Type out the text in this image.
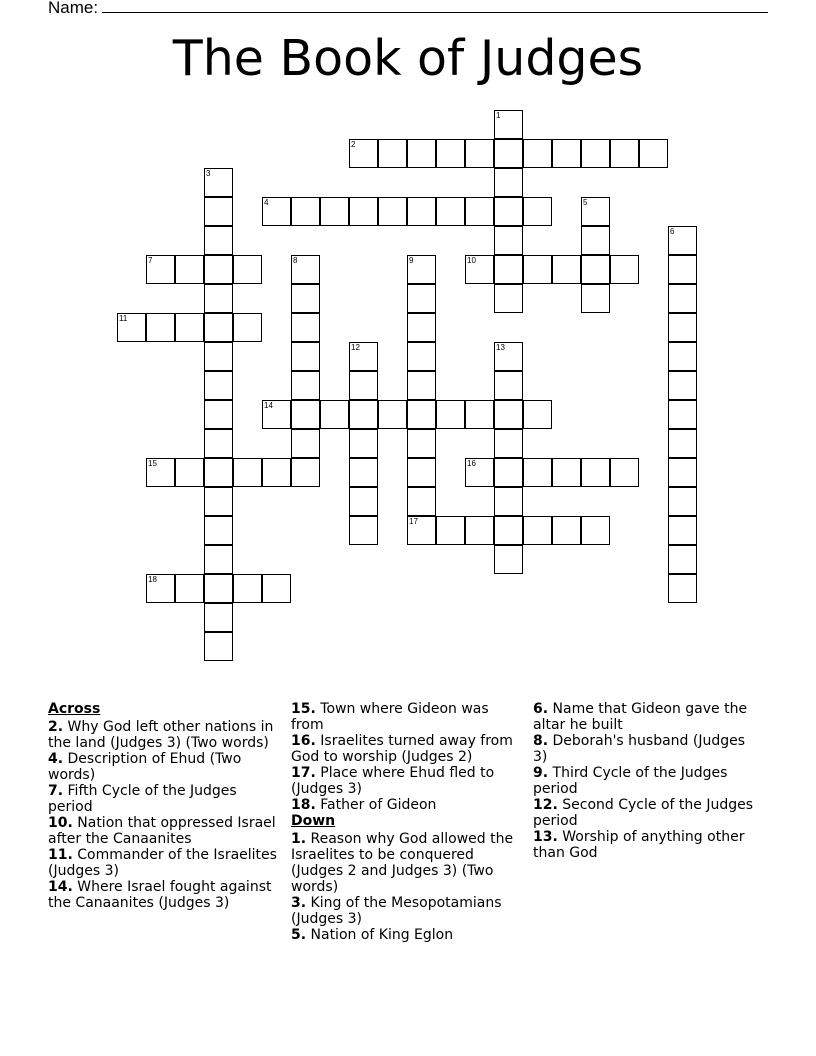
Name:
The Book of Judges
1
2
3
4	5
6
7	8	9
17
10
11
12	13
14
15	16
18
Across
2. Why God left other nations in the land (Judges 3) (Two words)
4. Description of Ehud (Two words)
7. Fifth Cycle of the Judges period
10. Nation that oppressed Israel after the Canaanites
11. Commander of the Israelites (Judges 3)
14. Where Israel fought against the Canaanites (Judges 3)
15. Town where Gideon was from
16. Israelites turned away from God to worship (Judges 2)
17. Place where Ehud fled to (Judges 3)
18. Father of Gideon
Down
1. Reason why God allowed the Israelites to be conquered (Judges 2 and Judges 3) (Two words)
3. King of the Mesopotamians (Judges 3)
5. Nation of King Eglon
6. Name that Gideon gave the altar he built
8. Deborah's husband (Judges 3)
9. Third Cycle of the Judges period
12. Second Cycle of the Judges period
13. Worship of anything other than God
